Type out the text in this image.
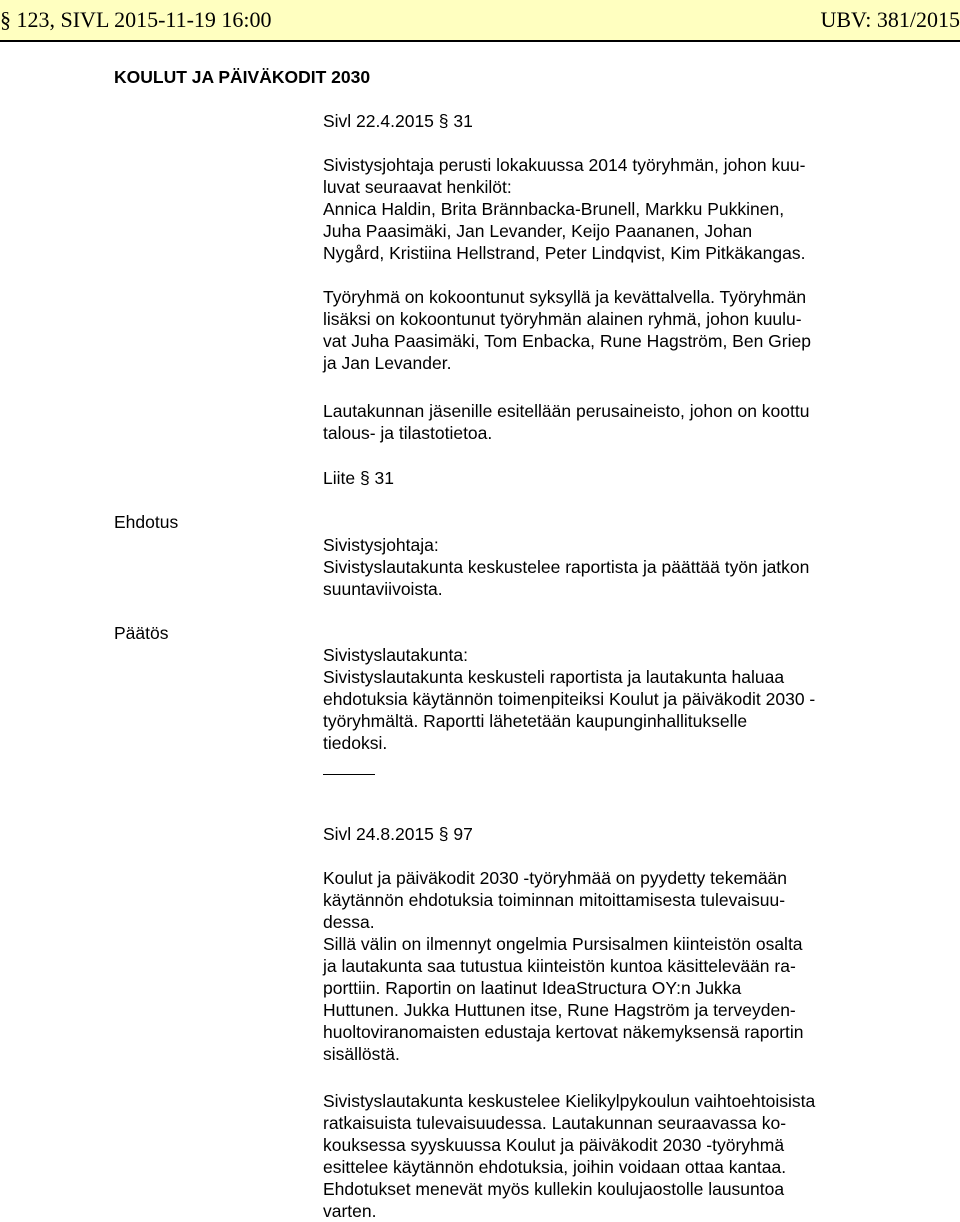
§ 123, SIVL 2015-11-19 16:00	UBV: 381/2015
KOULUT JA PÄIVÄKODIT 2030
Sivl 22.4.2015 § 31
Sivistysjohtaja perusti lokakuussa 2014 työryhmän, johon kuu-
luvat seuraavat henkilöt:
Annica Haldin, Brita Brännbacka-Brunell, Markku Pukkinen,
Juha Paasimäki, Jan Levander, Keijo Paananen, Johan
Nygård, Kristiina Hellstrand, Peter Lindqvist, Kim Pitkäkangas.
Työryhmä on kokoontunut syksyllä ja kevättalvella. Työryhmän
lisäksi on kokoontunut työryhmän alainen ryhmä, johon kuulu-
vat Juha Paasimäki, Tom Enbacka, Rune Hagström, Ben Griep
ja Jan Levander.
Lautakunnan jäsenille esitellään perusaineisto, johon on koottu
talous- ja tilastotietoa.
Liite § 31
Ehdotus
Sivistysjohtaja:
Sivistyslautakunta keskustelee raportista ja päättää työn jatkon
suuntaviivoista.
Päätös
Sivistyslautakunta:
Sivistyslautakunta keskusteli raportista ja lautakunta haluaa
ehdotuksia käytännön toimenpiteiksi Koulut ja päiväkodit 2030 -
työryhmältä. Raportti lähetetään kaupunginhallitukselle
tiedoksi.
Sivl 24.8.2015 § 97
Koulut ja päiväkodit 2030 -työryhmää on pyydetty tekemään
käytännön ehdotuksia toiminnan mitoittamisesta tulevaisuu-
dessa.
Sillä välin on ilmennyt ongelmia Pursisalmen kiinteistön osalta
ja lautakunta saa tutustua kiinteistön kuntoa käsittelevään ra-
porttiin. Raportin on laatinut IdeaStructura OY:n Jukka
Huttunen. Jukka Huttunen itse, Rune Hagström ja terveyden-
huoltoviranomaisten edustaja kertovat näkemyksensä raportin
sisällöstä.
Sivistyslautakunta keskustelee Kielikylpykoulun vaihtoehtoisista
ratkaisuista tulevaisuudessa. Lautakunnan seuraavassa ko-
kouksessa syyskuussa Koulut ja päiväkodit 2030 -työryhmä
esittelee käytännön ehdotuksia, joihin voidaan ottaa kantaa.
Ehdotukset menevät myös kullekin koulujaostolle lausuntoa
varten.
